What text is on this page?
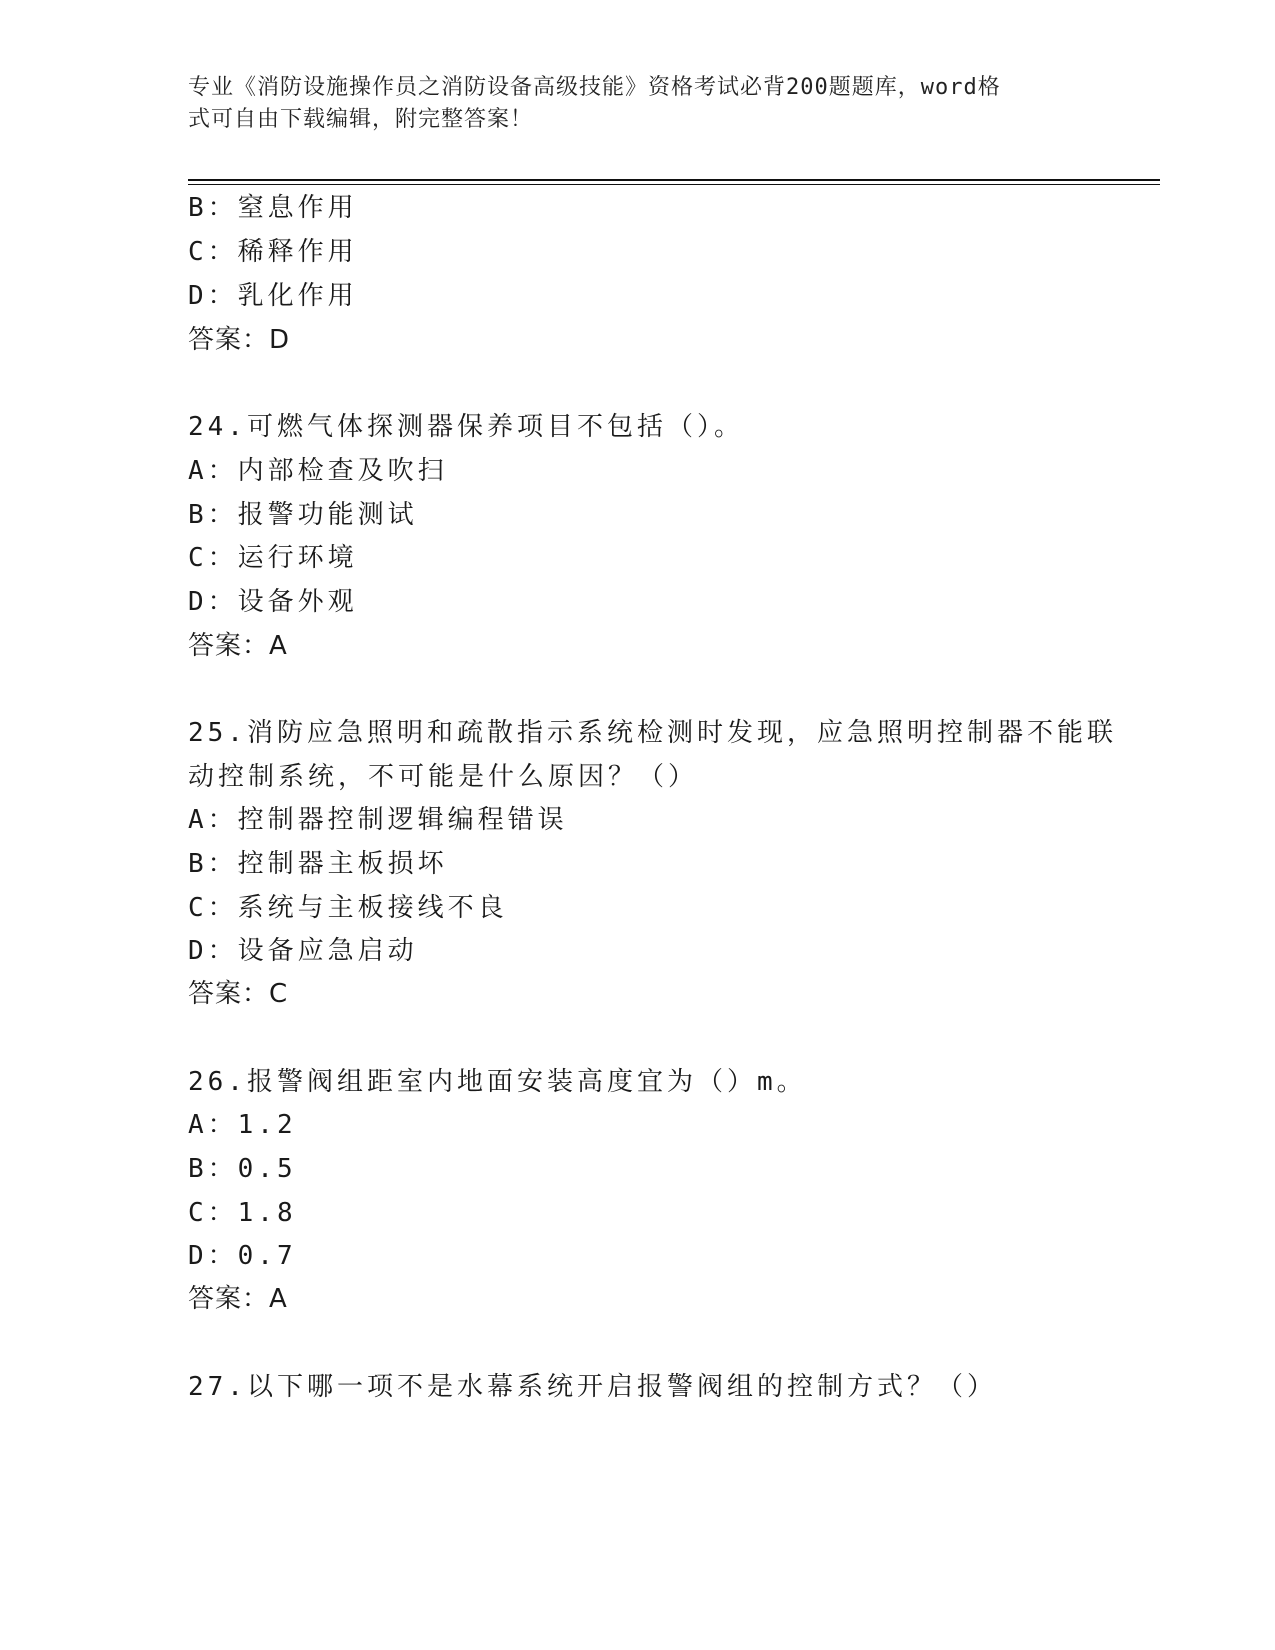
专业《消防设施操作员之消防设备高级技能》资格考试必背200题题库，word格
式可自由下载编辑，附完整答案！
B：窒息作用
C：稀释作用
D：乳化作用
答案：D
24.可燃气体探测器保养项目不包括（）。
A：内部检查及吹扫
B：报警功能测试
C：运行环境
D：设备外观
答案：A
25.消防应急照明和疏散指示系统检测时发现，应急照明控制器不能联
动控制系统，不可能是什么原因？（）
A：控制器控制逻辑编程错误
B：控制器主板损坏
C：系统与主板接线不良
D：设备应急启动
答案：C
26.报警阀组距室内地面安装高度宜为（）m。
A：1.2
B：0.5
C：1.8
D：0.7
答案：A
27.以下哪一项不是水幕系统开启报警阀组的控制方式？（）
